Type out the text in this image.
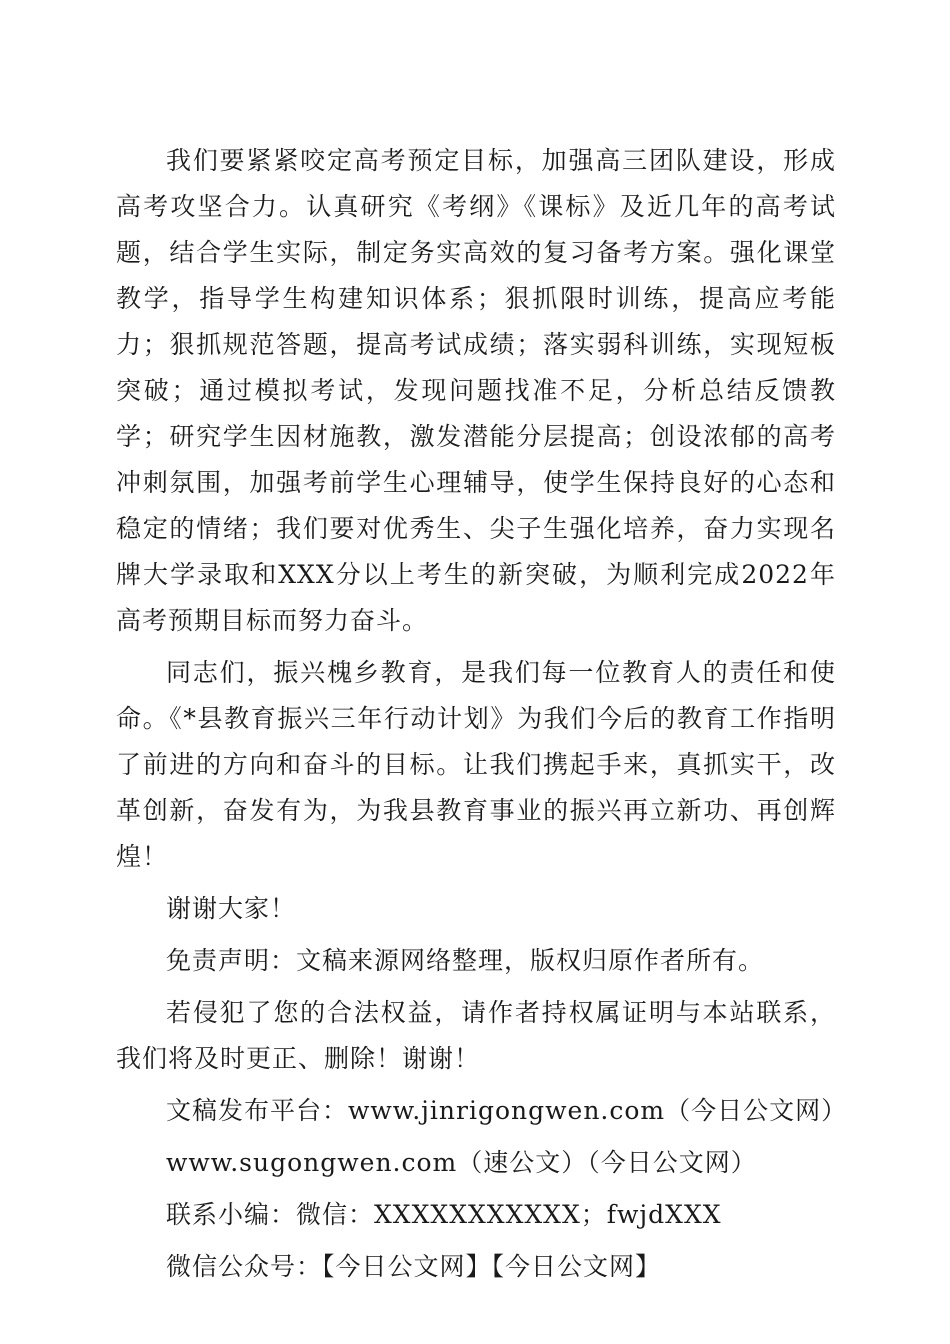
我们要紧紧咬定高考预定目标，加强高三团队建设，形成高考攻坚合力。认真研究《考纲》《课标》及近几年的高考试题，结合学生实际，制定务实高效的复习备考方案。强化课堂教学，指导学生构建知识体系；狠抓限时训练，提高应考能力；狠抓规范答题，提高考试成绩；落实弱科训练，实现短板突破；通过模拟考试，发现问题找准不足，分析总结反馈教学；研究学生因材施教，激发潜能分层提高；创设浓郁的高考冲刺氛围，加强考前学生心理辅导，使学生保持良好的心态和稳定的情绪；我们要对优秀生、尖子生强化培养，奋力实现名牌大学录取和XXX分以上考生的新突破，为顺利完成2022年高考预期目标而努力奋斗。

同志们，振兴槐乡教育，是我们每一位教育人的责任和使命。《*县教育振兴三年行动计划》为我们今后的教育工作指明了前进的方向和奋斗的目标。让我们携起手来，真抓实干，改革创新，奋发有为，为我县教育事业的振兴再立新功、再创辉煌！

谢谢大家！

免责声明：文稿来源网络整理，版权归原作者所有。

若侵犯了您的合法权益，请作者持权属证明与本站联系，我们将及时更正、删除！谢谢！

文稿发布平台：www.jinrigongwen.com（今日公文网）

www.sugongwen.com（速公文）（今日公文网）

联系小编：微信：XXXXXXXXXXX；fwjdXXX

微信公众号：【今日公文网】【今日公文网】
